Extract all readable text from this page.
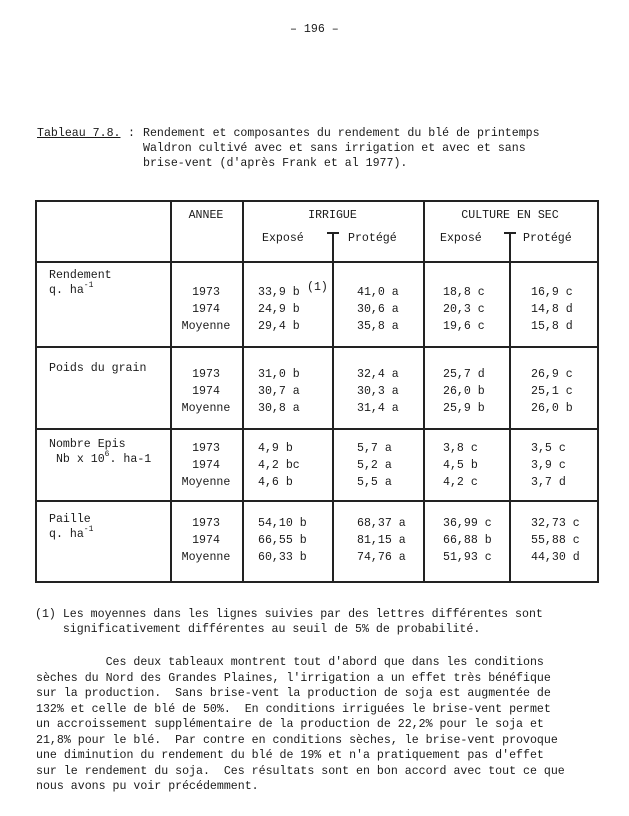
– 196 –
Tableau 7.8. : Rendement et composantes du rendement du blé de printemps
Waldron cultivé avec et sans irrigation et avec et sans
brise-vent (d'après Frank et al 1977).
ANNEE	IRRIGUE	CULTURE EN SEC
Exposé	Protégé	Exposé	Protégé
Rendement
q. $ha^{-1}$
1973	33,9 b	41,0 a	18,8 c	16,9 c
(1)
1974	24,9 b	30,6 a	20,3 c	14,8 d
Moyenne	29,4 b	35,8 a	19,6 c	15,8 d
Poids du grain	1973	31,0 b	32,4 a	25,7 d	26,9 c
1974	30,7 a	30,3 a	26,0 b	25,1 c
Moyenne	30,8 a	31,4 a	25,9 b	26,0 b
Nombre Epis
Nb x $10^6$. ha-1
1973	4,9 b	5,7 a	3,8 c	3,5 c
1974	4,2 bc	5,2 a	4,5 b	3,9 c
Moyenne	4,6 b	5,5 a	4,2 c	3,7 d
Paille
q. $ha^{-1}$	1973	54,10 b	68,37 a	36,99 c	32,73 c
1974	66,55 b	81,15 a	66,88 b	55,88 c
Moyenne	60,33 b	74,76 a	51,93 c	44,30 d
(1) Les moyennes dans les lignes suivies par des lettres différentes sont
significativement différentes au seuil de 5% de probabilité.
Ces deux tableaux montrent tout d'abord que dans les conditions
sèches du Nord des Grandes Plaines, l'irrigation a un effet très bénéfique
sur la production.  Sans brise-vent la production de soja est augmentée de
132% et celle de blé de 50%.  En conditions irriguées le brise-vent permet
un accroissement supplémentaire de la production de 22,2% pour le soja et
21,8% pour le blé.  Par contre en conditions sèches, le brise-vent provoque
une diminution du rendement du blé de 19% et n'a pratiquement pas d'effet
sur le rendement du soja.  Ces résultats sont en bon accord avec tout ce que
nous avons pu voir précédemment.
